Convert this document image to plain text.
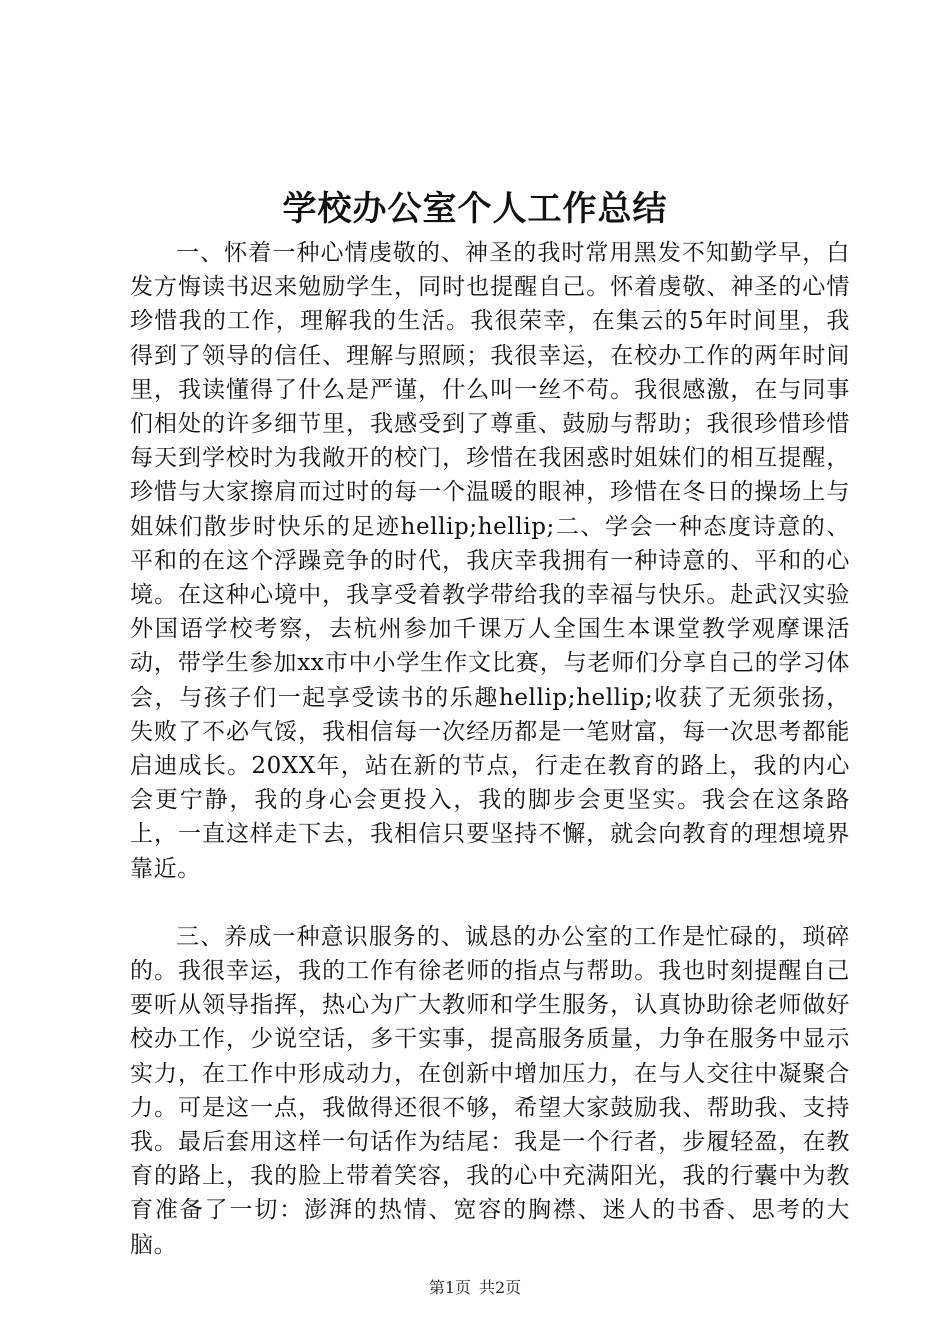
学校办公室个人工作总结

一、怀着一种心情虔敬的、神圣的我时常用黑发不知勤学早，白发方悔读书迟来勉励学生，同时也提醒自己。怀着虔敬、神圣的心情珍惜我的工作，理解我的生活。我很荣幸，在集云的5年时间里，我得到了领导的信任、理解与照顾；我很幸运，在校办工作的两年时间里，我读懂得了什么是严谨，什么叫一丝不苟。我很感激，在与同事们相处的许多细节里，我感受到了尊重、鼓励与帮助；我很珍惜珍惜每天到学校时为我敞开的校门，珍惜在我困惑时姐妹们的相互提醒，珍惜与大家擦肩而过时的每一个温暖的眼神，珍惜在冬日的操场上与姐妹们散步时快乐的足迹hellip;hellip;二、学会一种态度诗意的、平和的在这个浮躁竞争的时代，我庆幸我拥有一种诗意的、平和的心境。在这种心境中，我享受着教学带给我的幸福与快乐。赴武汉实验外国语学校考察，去杭州参加千课万人全国生本课堂教学观摩课活动，带学生参加xx市中小学生作文比赛，与老师们分享自己的学习体会，与孩子们一起享受读书的乐趣hellip;hellip;收获了无须张扬，失败了不必气馁，我相信每一次经历都是一笔财富，每一次思考都能启迪成长。20XX年，站在新的节点，行走在教育的路上，我的内心会更宁静，我的身心会更投入，我的脚步会更坚实。我会在这条路上，一直这样走下去，我相信只要坚持不懈，就会向教育的理想境界靠近。

三、养成一种意识服务的、诚恳的办公室的工作是忙碌的，琐碎的。我很幸运，我的工作有徐老师的指点与帮助。我也时刻提醒自己要听从领导指挥，热心为广大教师和学生服务，认真协助徐老师做好校办工作，少说空话，多干实事，提高服务质量，力争在服务中显示实力，在工作中形成动力，在创新中增加压力，在与人交往中凝聚合力。可是这一点，我做得还很不够，希望大家鼓励我、帮助我、支持我。最后套用这样一句话作为结尾：我是一个行者，步履轻盈，在教育的路上，我的脸上带着笑容，我的心中充满阳光，我的行囊中为教育准备了一切：澎湃的热情、宽容的胸襟、迷人的书香、思考的大脑。

第1页 共2页
